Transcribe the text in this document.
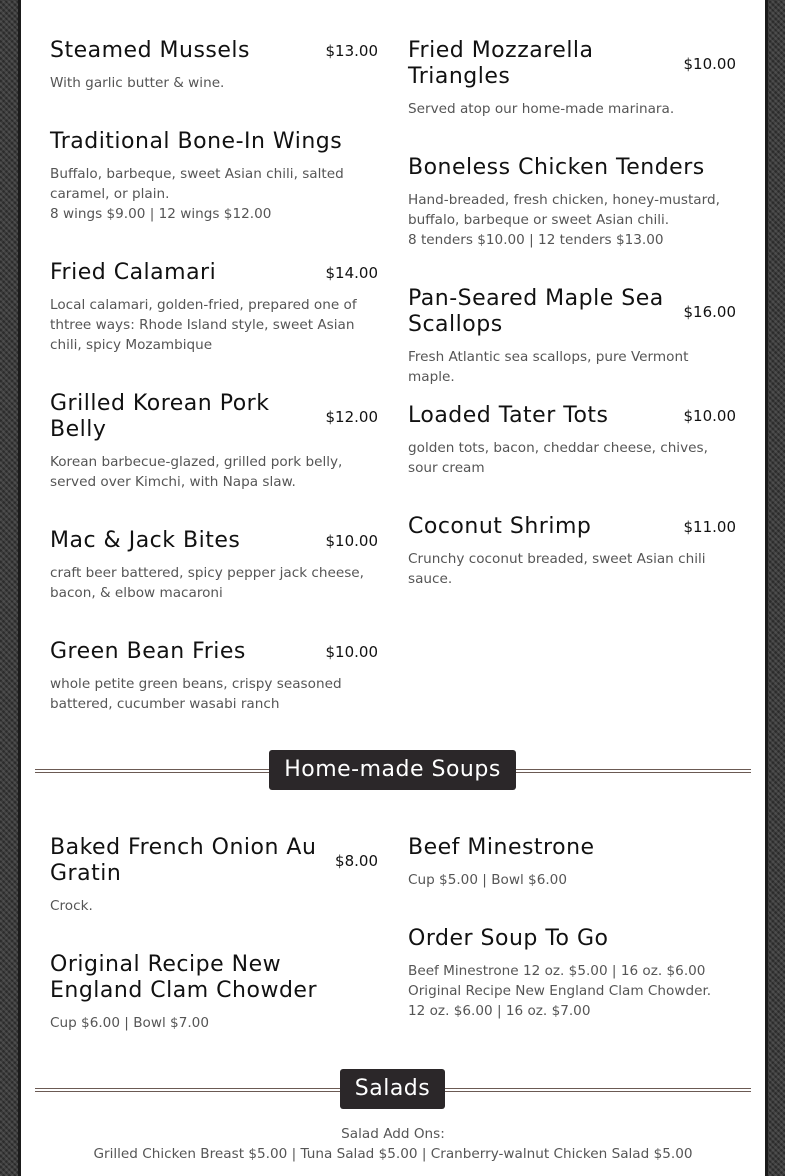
Steamed Mussels	$13.00
With garlic butter & wine.
Traditional Bone-In Wings
Buffalo, barbeque, sweet Asian chili, salted caramel, or plain.
8 wings $9.00 | 12 wings $12.00
Fried Calamari	$14.00
Local calamari, golden-fried, prepared one of thtree ways: Rhode Island style, sweet Asian chili, spicy Mozambique
Grilled Korean Pork Belly	$12.00
Korean barbecue-glazed, grilled pork belly, served over Kimchi, with Napa slaw.
Mac & Jack Bites	$10.00
craft beer battered, spicy pepper jack cheese, bacon, & elbow macaroni
Green Bean Fries	$10.00
whole petite green beans, crispy seasoned battered, cucumber wasabi ranch
Fried Mozzarella Triangles	$10.00
Served atop our home-made marinara.
Boneless Chicken Tenders
Hand-breaded, fresh chicken, honey-mustard, buffalo, barbeque or sweet Asian chili.
8 tenders $10.00 | 12 tenders $13.00
Pan-Seared Maple Sea Scallops	$16.00
Fresh Atlantic sea scallops, pure Vermont maple.
Loaded Tater Tots	$10.00
golden tots, bacon, cheddar cheese, chives, sour cream
Coconut Shrimp	$11.00
Crunchy coconut breaded, sweet Asian chili sauce.
Home-made Soups
Baked French Onion Au Gratin	$8.00
Crock.
Original Recipe New England Clam Chowder
Cup $6.00 | Bowl $7.00
Beef Minestrone
Cup $5.00 | Bowl $6.00
Order Soup To Go
Beef Minestrone 12 oz. $5.00 | 16 oz. $6.00
Original Recipe New England Clam Chowder.
12 oz. $6.00 | 16 oz. $7.00
Salads
Salad Add Ons:
Grilled Chicken Breast $5.00 | Tuna Salad $5.00 | Cranberry-walnut Chicken Salad $5.00
